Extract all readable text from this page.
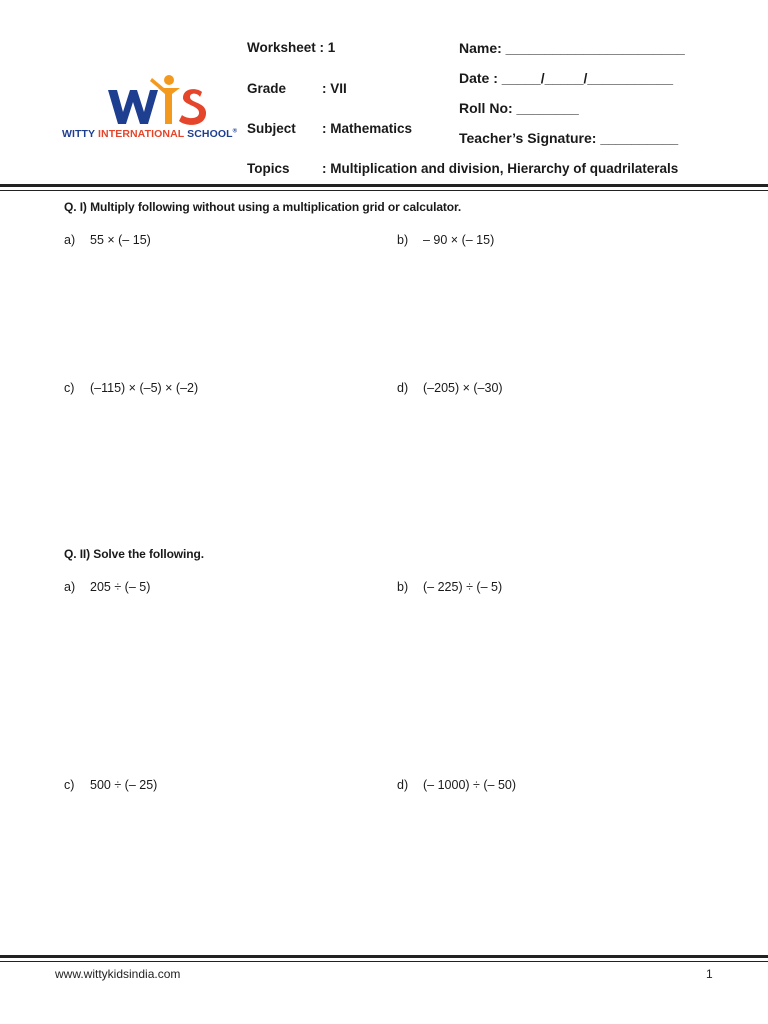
WITTY INTERNATIONAL SCHOOL®
Worksheet : 1
Grade	: VII
Subject : Mathematics
Topics : Multiplication and division, Hierarchy of quadrilaterals
Name: _______________________
Date : _____/_____/___________
Roll No: ________
Teacher’s Signature: __________
Q. I) Multiply following without using a multiplication grid or calculator.
a) 55 × (– 15)	b) – 90 × (– 15)
c) (–115) × (–5) × (–2)	d) (–205) × (–30)
Q. II) Solve the following.
a) 205 ÷ (– 5)	b) (– 225) ÷ (– 5)
c) 500 ÷ (– 25)	d) (– 1000) ÷ (– 50)
www.wittykidsindia.com	1
